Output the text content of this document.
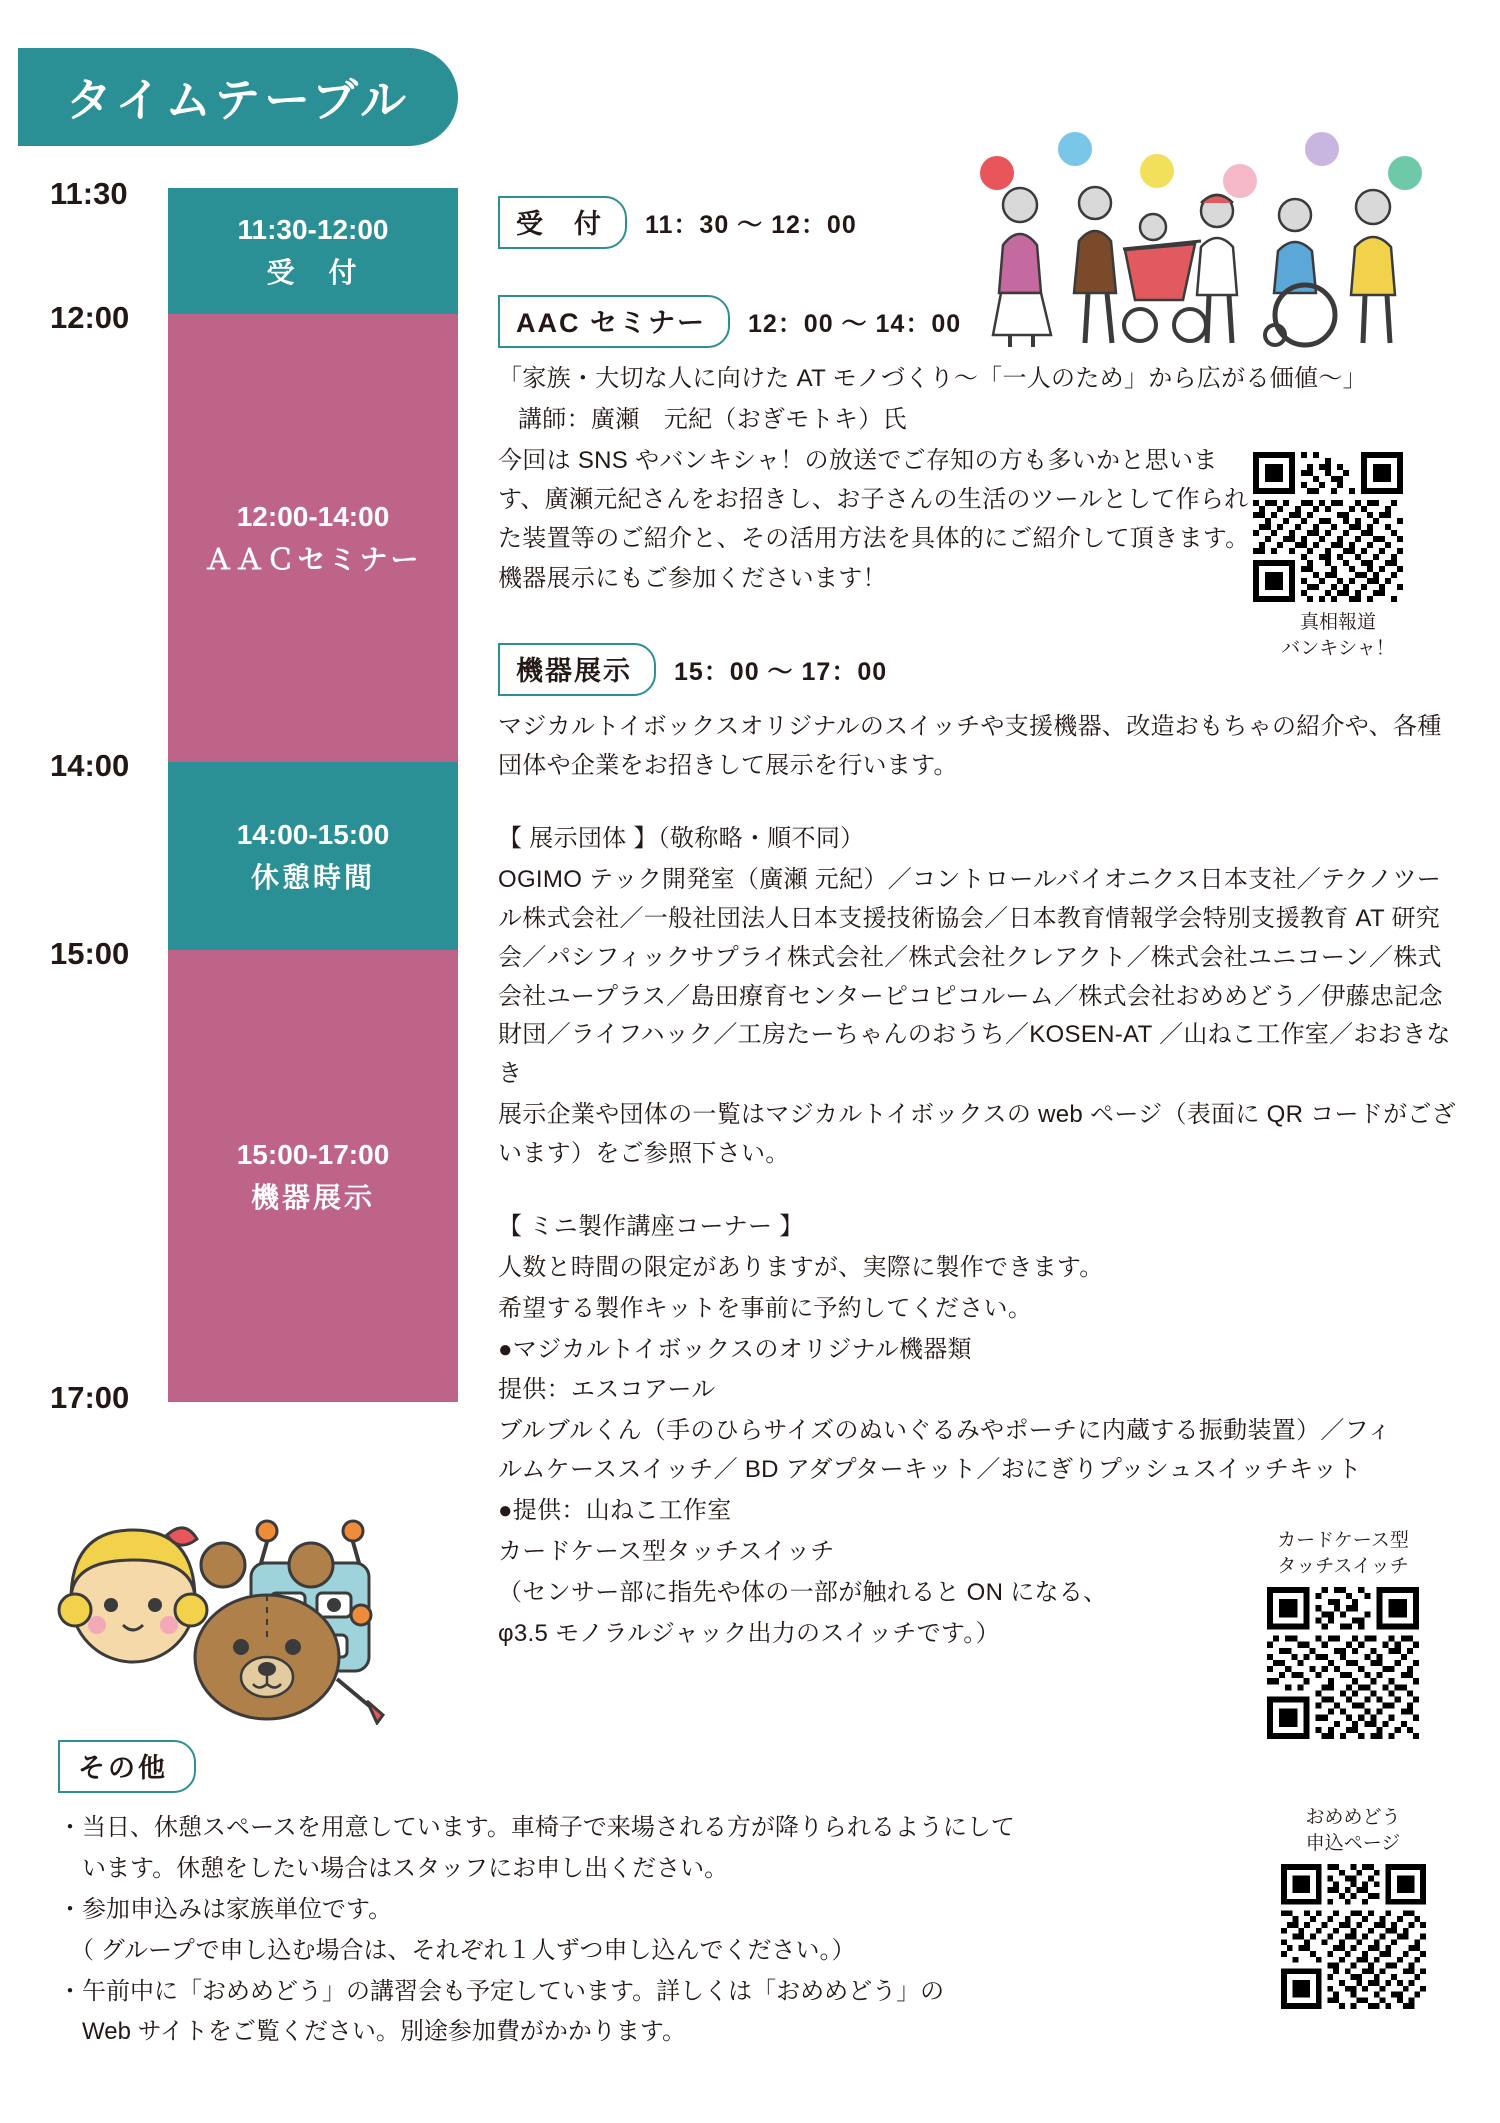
タイムテーブル
11:30
12:00
14:00
15:00
17:00
11:30-12:00
受　付
12:00-14:00
ＡＡＣセミナー
14:00-15:00
休憩時間
15:00-17:00
機器展示
受　付	11：30 〜 12：00
AAC セミナー	12：00 〜 14：00

「家族・大切な人に向けた AT モノづくり〜「一人のため」から広がる価値〜」

講師：廣瀬　元紀（おぎモトキ）氏

今回は SNS やバンキシャ！の放送でご存知の方も多いかと思います、廣瀬元紀さんをお招きし、お子さんの生活のツールとして作られた装置等のご紹介と、その活用方法を具体的にご紹介して頂きます。

機器展示にもご参加くださいます！

機器展示	15：00 〜 17：00

マジカルトイボックスオリジナルのスイッチや支援機器、改造おもちゃの紹介や、各種団体や企業をお招きして展示を行います。

【 展示団体 】（敬称略・順不同）

OGIMO テック開発室（廣瀬 元紀）／コントロールバイオニクス日本支社／テクノツール株式会社／一般社団法人日本支援技術協会／日本教育情報学会特別支援教育 AT 研究会／パシフィックサプライ株式会社／株式会社クレアクト／株式会社ユニコーン／株式会社ユープラス／島田療育センターピコピコルーム／株式会社おめめどう／伊藤忠記念財団／ライフハック／工房たーちゃんのおうち／KOSEN-AT ／山ねこ工作室／おおきなき

展示企業や団体の一覧はマジカルトイボックスの web ページ（表面に QR コードがございます）をご参照下さい。

【 ミニ製作講座コーナー 】

人数と時間の限定がありますが、実際に製作できます。

希望する製作キットを事前に予約してください。

●マジカルトイボックスのオリジナル機器類

提供：エスコアール

ブルブルくん（手のひらサイズのぬいぐるみやポーチに内蔵する振動装置）／フィルムケーススイッチ／ BD アダプターキット／おにぎりプッシュスイッチキット

●提供：山ねこ工作室

カードケース型タッチスイッチ

（センサー部に指先や体の一部が触れると ON になる、

φ3.5 モノラルジャック出力のスイッチです。）

真相報道
バンキシャ！
カードケース型
タッチスイッチ
おめめどう
申込ページ
その他

・当日、休憩スペースを用意しています。車椅子で来場される方が降りられるようにして

　います。休憩をしたい場合はスタッフにお申し出ください。

・参加申込みは家族単位です。

　（ グループで申し込む場合は、それぞれ１人ずつ申し込んでください。）

・午前中に「おめめどう」の講習会も予定しています。詳しくは「おめめどう」の

　Web サイトをご覧ください。別途参加費がかかります。
